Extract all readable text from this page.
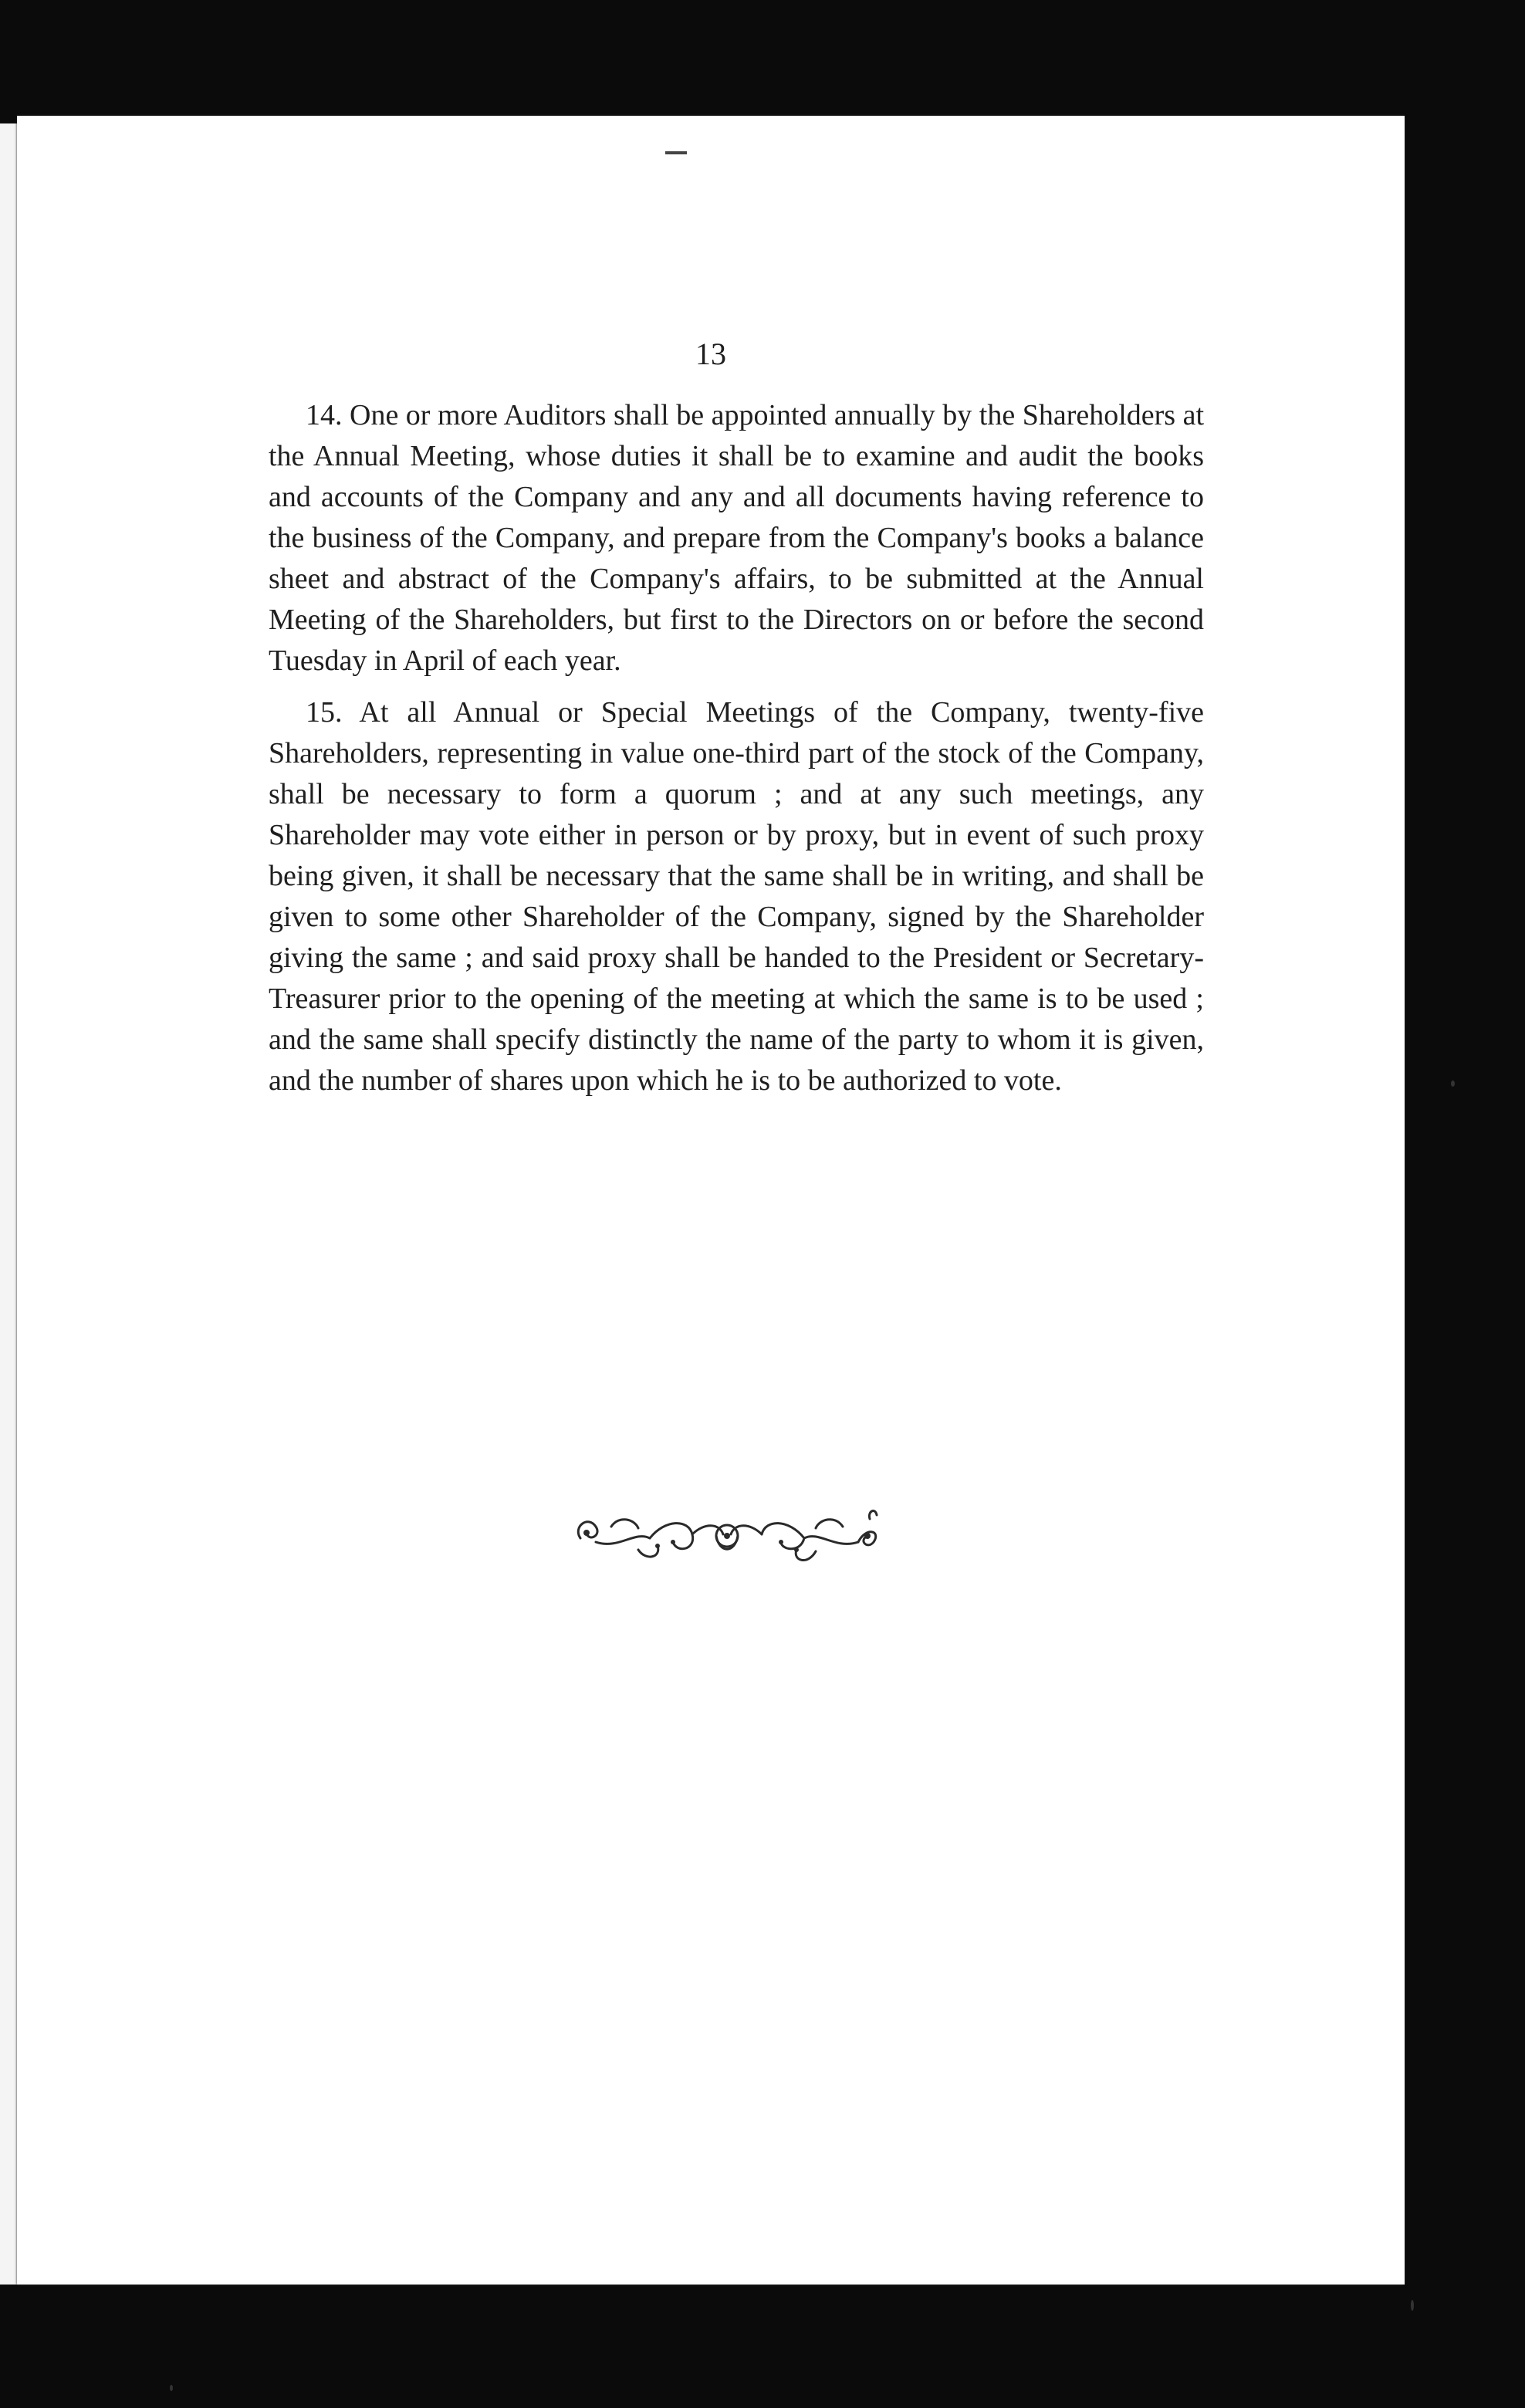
13

14. One or more Auditors shall be appointed annually by the Shareholders at the Annual Meeting, whose duties it shall be to examine and audit the books and accounts of the Company and any and all documents having reference to the business of the Company, and prepare from the Company's books a balance sheet and abstract of the Company's affairs, to be submitted at the Annual Meeting of the Shareholders, but first to the Directors on or before the second Tuesday in April of each year.

15. At all Annual or Special Meetings of the Company, twenty-five Shareholders, representing in value one-third part of the stock of the Company, shall be necessary to form a quorum ; and at any such meetings, any Shareholder may vote either in person or by proxy, but in event of such proxy being given, it shall be necessary that the same shall be in writing, and shall be given to some other Shareholder of the Company, signed by the Shareholder giving the same ; and said proxy shall be handed to the President or Secretary-Treasurer prior to the opening of the meeting at which the same is to be used ; and the same shall specify distinctly the name of the party to whom it is given, and the number of shares upon which he is to be authorized to vote.
